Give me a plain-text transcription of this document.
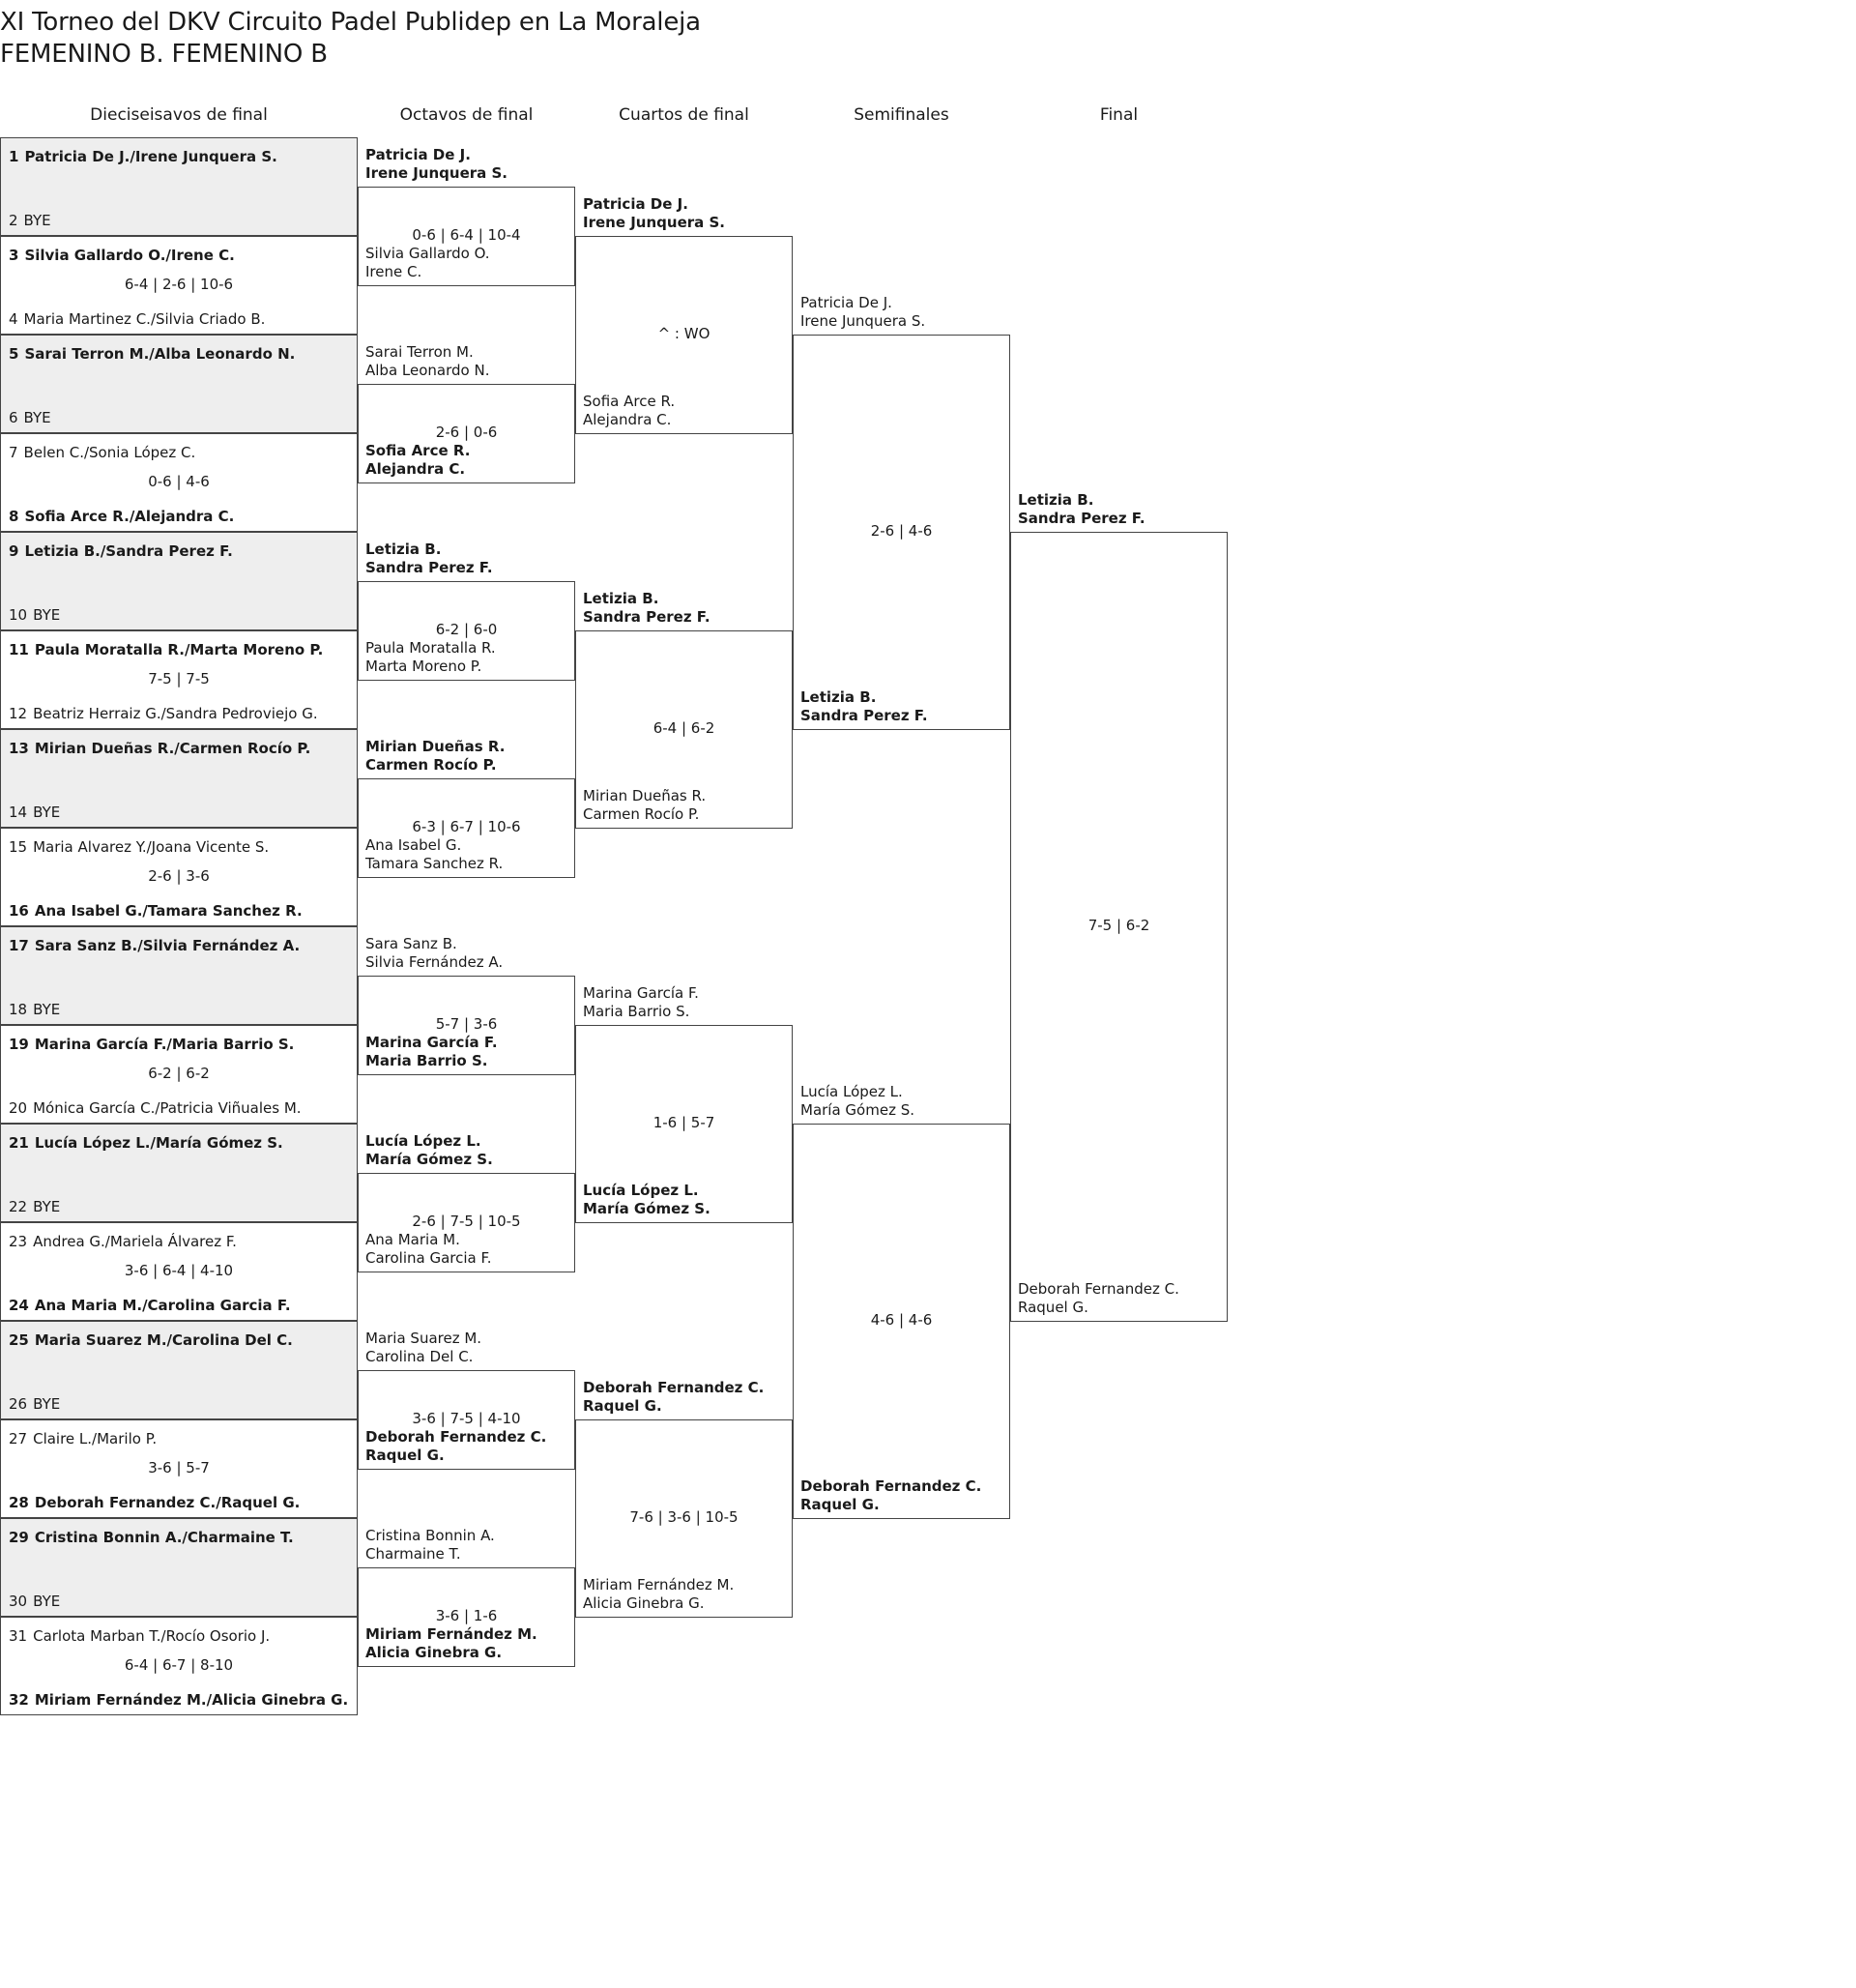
XI Torneo del DKV Circuito Padel Publidep en La Moraleja
FEMENINO B. FEMENINO B
Dieciseisavos de final	Octavos de final	Cuartos de final	Semifinales	Final
1 Patricia De J./Irene Junquera S.
2 BYE
3 Silvia Gallardo O./Irene C.
6-4 | 2-6 | 10-6
4 Maria Martinez C./Silvia Criado B.
5 Sarai Terron M./Alba Leonardo N.
6 BYE
7 Belen C./Sonia López C.
0-6 | 4-6
8 Sofia Arce R./Alejandra C.
9 Letizia B./Sandra Perez F.
10 BYE
11 Paula Moratalla R./Marta Moreno P.
7-5 | 7-5
12 Beatriz Herraiz G./Sandra Pedroviejo G.
13 Mirian Dueñas R./Carmen Rocío P.
14 BYE
15 Maria Alvarez Y./Joana Vicente S.
2-6 | 3-6
16 Ana Isabel G./Tamara Sanchez R.
17 Sara Sanz B./Silvia Fernández A.
18 BYE
19 Marina García F./Maria Barrio S.
6-2 | 6-2
20 Mónica García C./Patricia Viñuales M.
21 Lucía López L./María Gómez S.
22 BYE
23 Andrea G./Mariela Álvarez F.
3-6 | 6-4 | 4-10
24 Ana Maria M./Carolina Garcia F.
25 Maria Suarez M./Carolina Del C.
26 BYE
27 Claire L./Marilo P.
3-6 | 5-7
28 Deborah Fernandez C./Raquel G.
29 Cristina Bonnin A./Charmaine T.
30 BYE
31 Carlota Marban T./Rocío Osorio J.
6-4 | 6-7 | 8-10
32 Miriam Fernández M./Alicia Ginebra G.
Patricia De J.
Irene Junquera S.
Silvia Gallardo O.
Irene C.
0-6 | 6-4 | 10-4
Sarai Terron M.
Alba Leonardo N.
Sofia Arce R.
Alejandra C.
2-6 | 0-6
Letizia B.
Sandra Perez F.
Paula Moratalla R.
Marta Moreno P.
6-2 | 6-0
Mirian Dueñas R.
Carmen Rocío P.
Ana Isabel G.
Tamara Sanchez R.
6-3 | 6-7 | 10-6
Sara Sanz B.
Silvia Fernández A.
Marina García F.
Maria Barrio S.
5-7 | 3-6
Lucía López L.
María Gómez S.
Ana Maria M.
Carolina Garcia F.
2-6 | 7-5 | 10-5
Maria Suarez M.
Carolina Del C.
Deborah Fernandez C.
Raquel G.
3-6 | 7-5 | 4-10
Cristina Bonnin A.
Charmaine T.
Miriam Fernández M.
Alicia Ginebra G.
3-6 | 1-6
Patricia De J.
Irene Junquera S.
Sofia Arce R.
Alejandra C.
^ : WO
Letizia B.
Sandra Perez F.
Mirian Dueñas R.
Carmen Rocío P.
6-4 | 6-2
Marina García F.
Maria Barrio S.
Lucía López L.
María Gómez S.
1-6 | 5-7
Deborah Fernandez C.
Raquel G.
Miriam Fernández M.
Alicia Ginebra G.
7-6 | 3-6 | 10-5
Patricia De J.
Irene Junquera S.
Letizia B.
Sandra Perez F.
2-6 | 4-6
Lucía López L.
María Gómez S.
Deborah Fernandez C.
Raquel G.
4-6 | 4-6
Letizia B.
Sandra Perez F.
Deborah Fernandez C.
Raquel G.
7-5 | 6-2
